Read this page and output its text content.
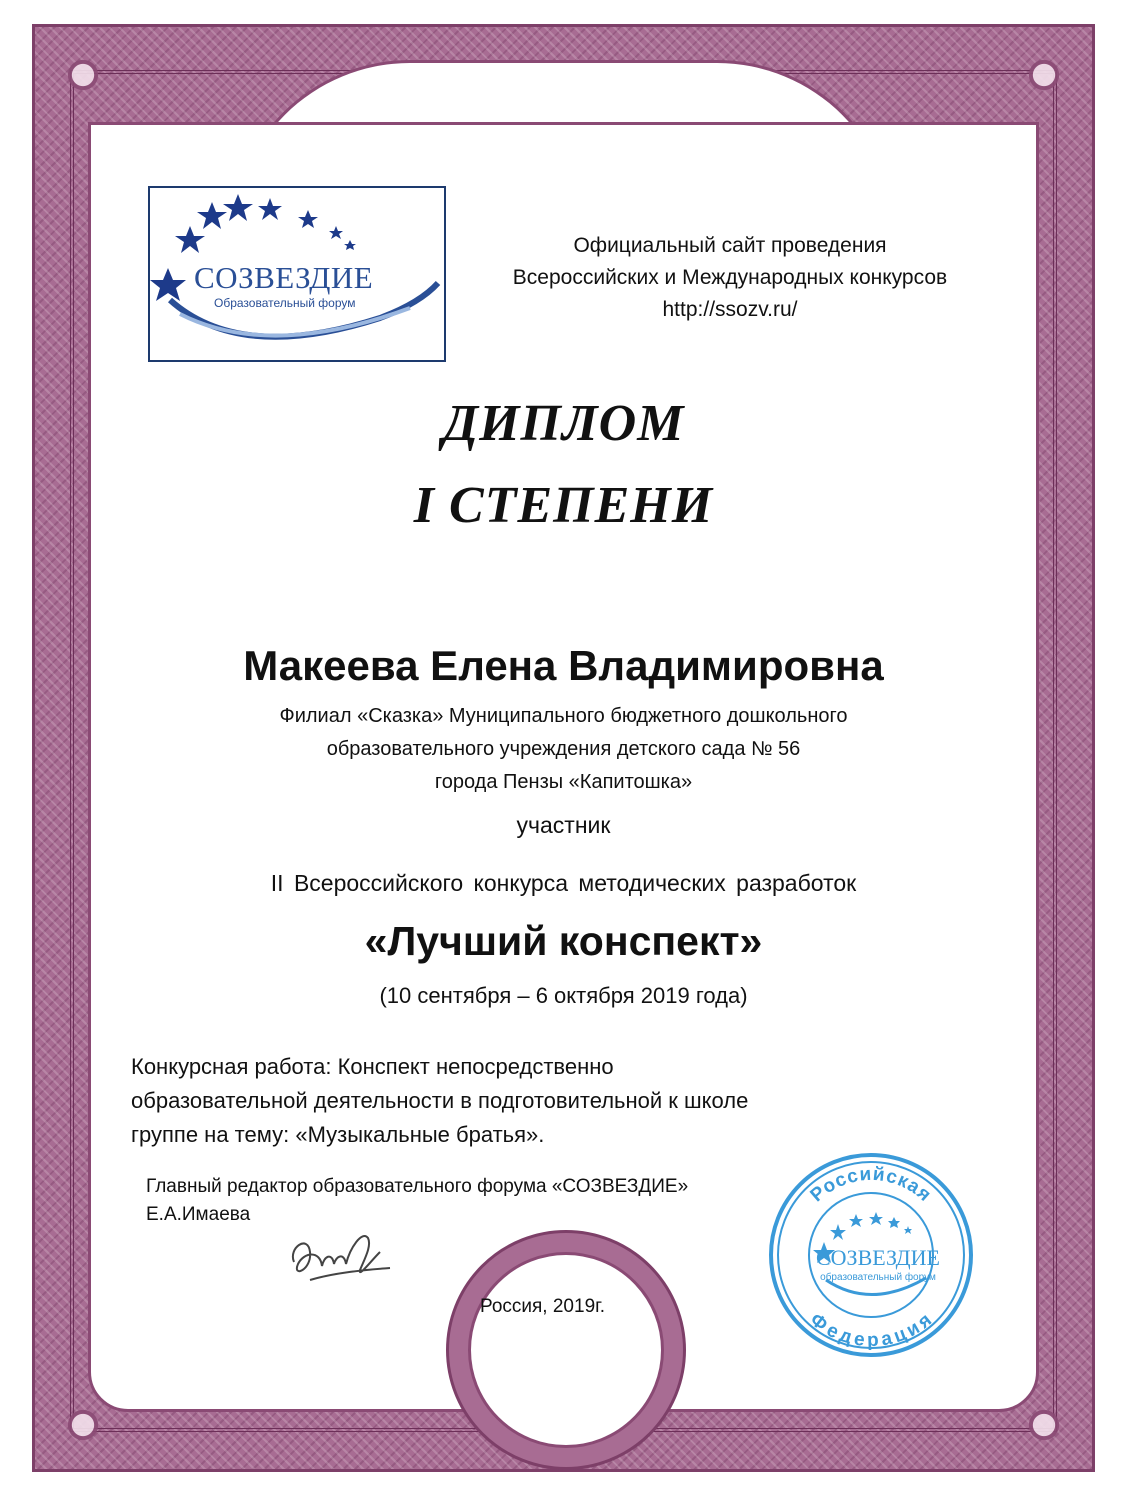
СОЗВЕЗДИЕ
Образовательный форум
Официальный сайт проведения
Всероссийских и Международных конкурсов
http://ssozv.ru/
ДИПЛОМ
I СТЕПЕНИ
Макеева Елена Владимировна
Филиал «Сказка» Муниципального бюджетного дошкольного
образовательного учреждения детского сада № 56
города Пензы «Капитошка»
участник
II Всероссийского конкурса методических разработок
«Лучший конспект»
(10 сентября – 6 октября 2019 года)
Конкурсная работа: Конспект непосредственно
образовательной деятельности в подготовительной к школе
группе на тему: «Музыкальные братья».
Главный редактор образовательного форума «СОЗВЕЗДИЕ»
Е.А.Имаева
Россия, 2019г.
Российская
Федерация
СОЗВЕЗДИЕ
образовательный форум
